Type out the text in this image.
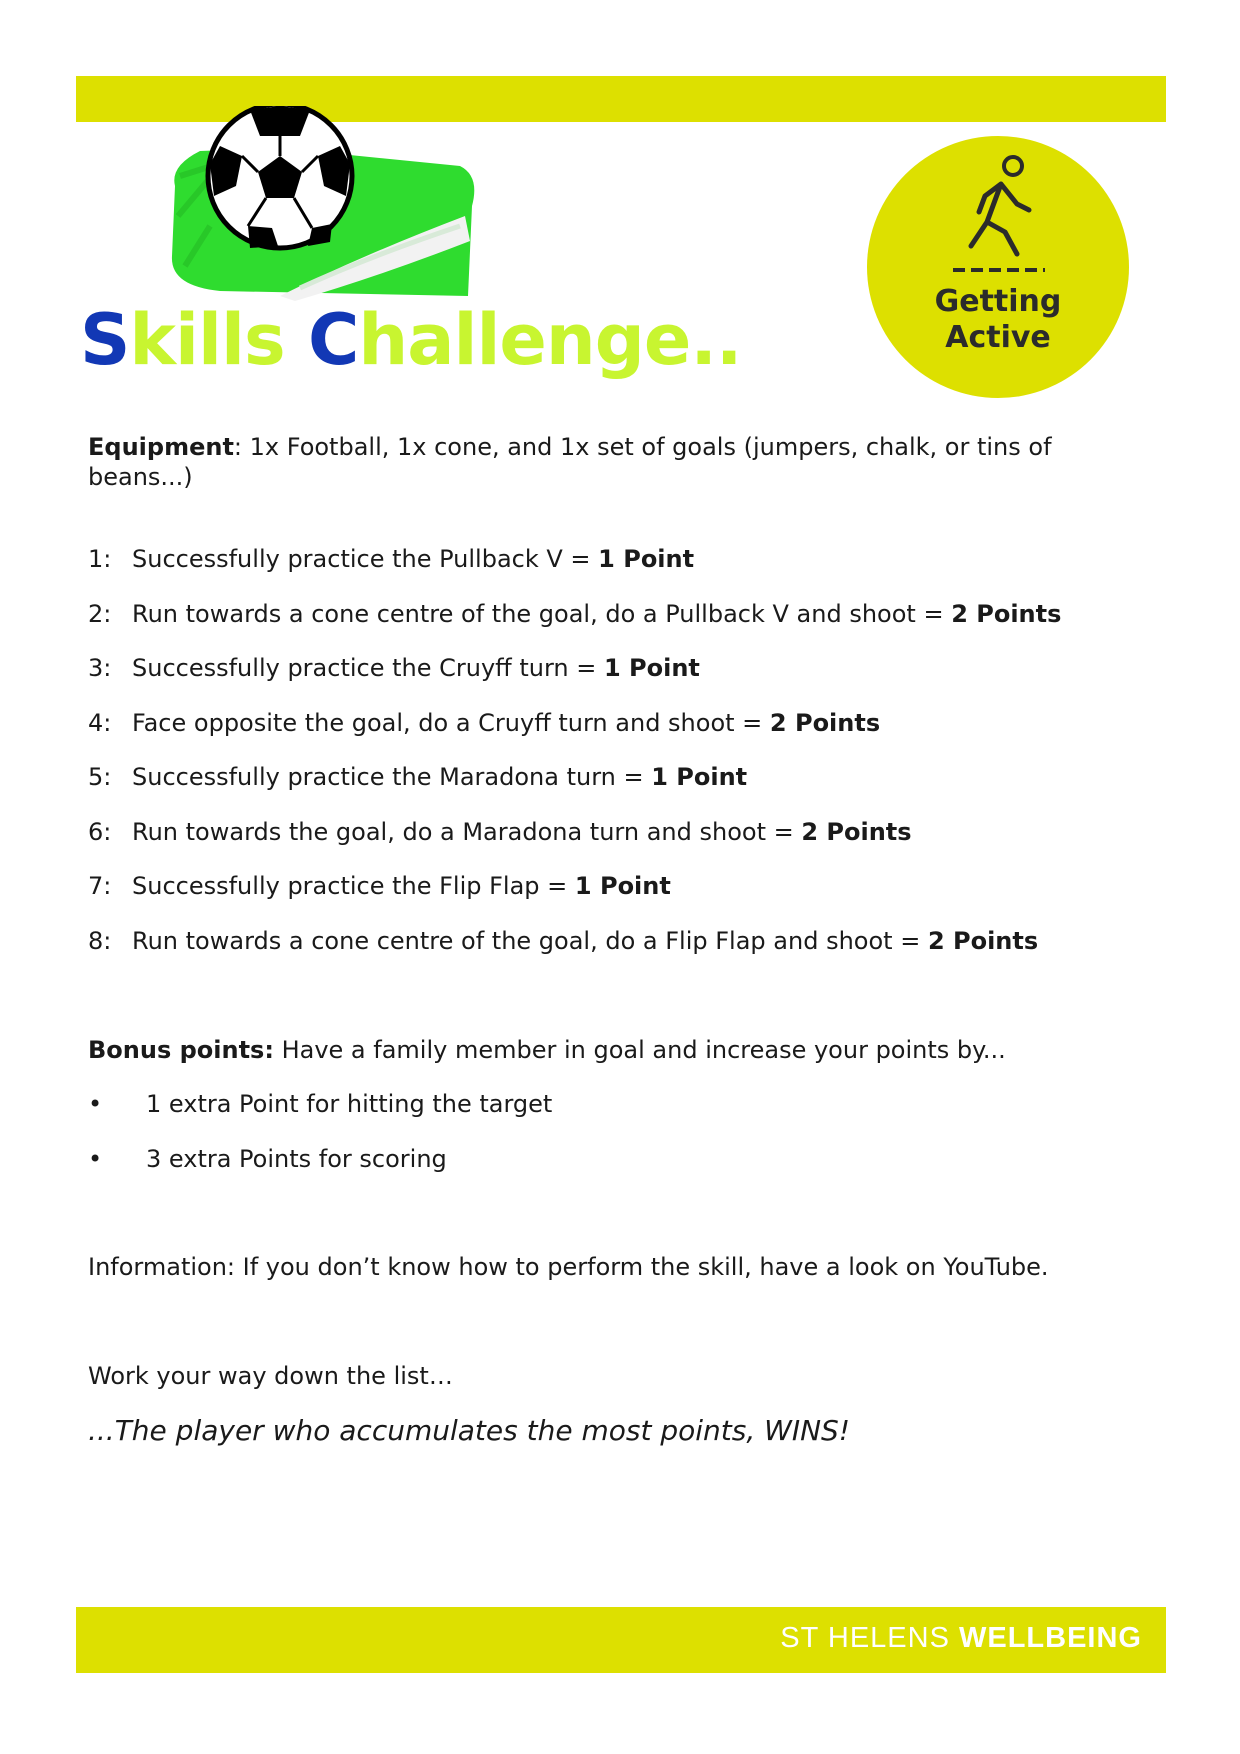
Skills Challenge..	Getting
Active

Equipment: 1x Football, 1x cone, and 1x set of goals (jumpers, chalk, or tins of beans...)

1: Successfully practice the Pullback V = 1 Point
2: Run towards a cone centre of the goal, do a Pullback V and shoot = 2 Points
3: Successfully practice the Cruyff turn = 1 Point
4: Face opposite the goal, do a Cruyff turn and shoot = 2 Points
5: Successfully practice the Maradona turn = 1 Point
6: Run towards the goal, do a Maradona turn and shoot = 2 Points
7: Successfully practice the Flip Flap = 1 Point
8: Run towards a cone centre of the goal, do a Flip Flap and shoot = 2 Points

Bonus points: Have a family member in goal and increase your points by...

•	1 extra Point for hitting the target
•	3 extra Points for scoring

Information: If you don’t know how to perform the skill, have a look on YouTube.

Work your way down the list…

...The player who accumulates the most points, WINS!

ST HELENS WELLBEING
